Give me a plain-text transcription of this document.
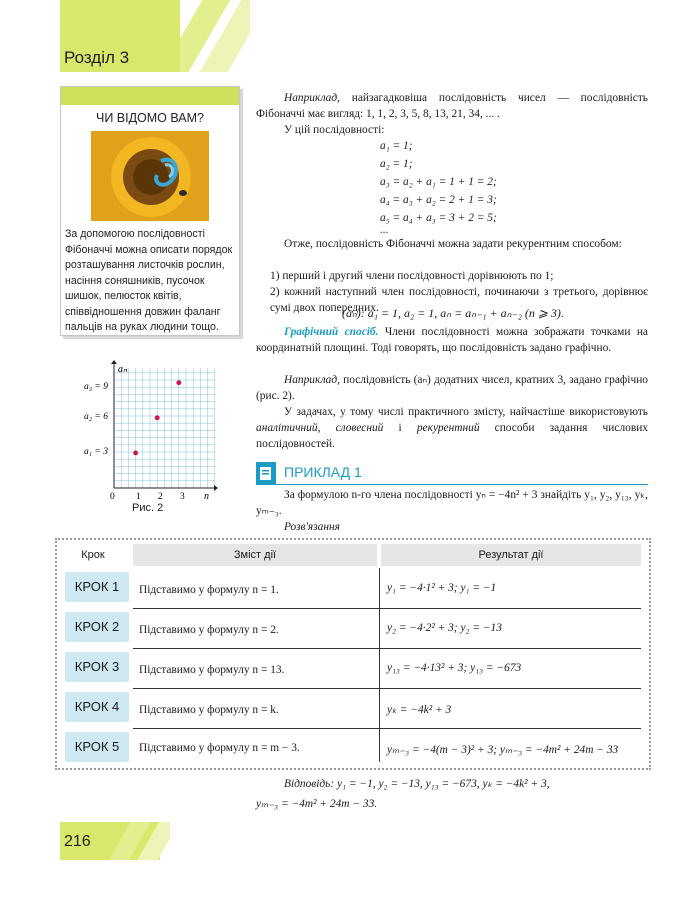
Розділ 3
ЧИ ВІДОМО ВАМ?
За допомогою послідовності Фібоначчі можна описати порядок розташування листочків рослин, насіння соняшників, пусочок шишок, пелюсток квітів, співвідношення довжин фаланг пальців на руках людини тощо.
aₙ
n
a₃ = 9
a₂ = 6
a₁ = 3
0 1 2 3
Рис. 2
Наприклад, найзагадковіша послідовність чисел — послідовність Фібоначчі має вигляд: 1, 1, 2, 3, 5, 8, 13, 21, 34, ... .
У цій послідовності:
a₁ = 1;
a₂ = 1;
a₃ = a₂ + a₁ = 1 + 1 = 2;
a₄ = a₃ + a₂ = 2 + 1 = 3;
a₅ = a₄ + a₃ = 3 + 2 = 5;
...
Отже, послідовність Фібоначчі можна задати рекурентним способом:
1) перший і другий члени послідовності дорівнюють по 1;
2) кожний наступний член послідовності, починаючи з третього, дорівнює сумі двох попередних.
(aₙ): a₁ = 1, a₂ = 1, aₙ = aₙ₋₁ + aₙ₋₂ (n ⩾ 3).
Графічний спосіб. Члени послідовності можна зображати точками на координатній площині. Тоді говорять, що послідовність задано графічно.
Наприклад, послідовність (aₙ) додатних чисел, кратних 3, задано графічно (рис. 2).
У задачах, у тому числі практичного змісту, найчастіше використовують аналітичний, словесний і рекурентний способи задання числових послідовностей.
ПРИКЛАД 1
За формулою n-го члена послідовності yₙ = −4n² + 3 знайдіть y₁, y₂, y₁₃, yₖ, yₘ₋₃.
Розв'язання
Крок	Зміст дії	Результат дії
КРОК 1	Підставимо у формулу n = 1.	y₁ = −4·1² + 3; y₁ = −1
КРОК 2	Підставимо у формулу n = 2.	y₂ = −4·2² + 3; y₂ = −13
КРОК 3	Підставимо у формулу n = 13.	y₁₃ = −4·13² + 3; y₁₃ = −673
КРОК 4	Підставимо у формулу n = k.	yₖ = −4k² + 3
КРОК 5	Підставимо у формулу n = m − 3.	yₘ₋₃ = −4(m − 3)² + 3; yₘ₋₃ = −4m² + 24m − 33
Відповідь: y₁ = −1, y₂ = −13, y₁₃ = −673, yₖ = −4k² + 3,
yₘ₋₃ = −4m² + 24m − 33.
216
